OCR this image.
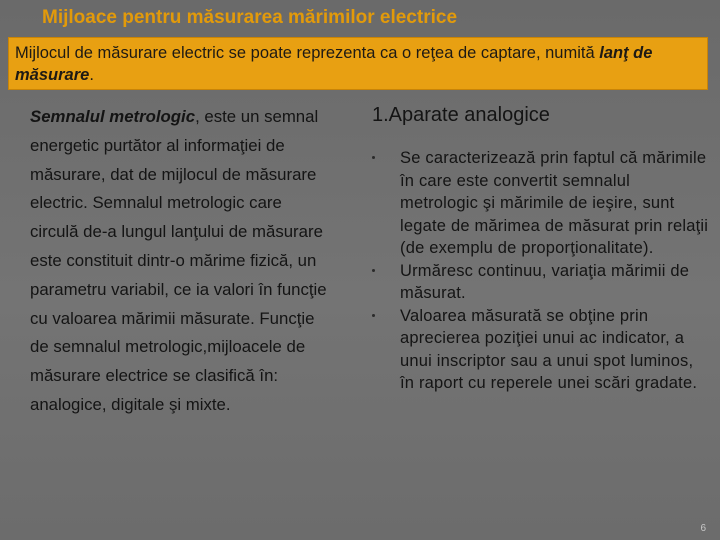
Mijloace pentru măsurarea mărimilor electrice
Mijlocul de măsurare electric se poate reprezenta ca o reţea de captare, numită lanţ de măsurare.
Semnalul metrologic, este un semnal energetic purtător al informaţiei de măsurare, dat de mijlocul de măsurare electric. Semnalul metrologic care circulă de-a lungul lanţului de măsurare este constituit dintr-o mărime fizică, un parametru variabil, ce ia valori în funcţie cu valoarea mărimii măsurate. Funcţie de semnalul metrologic,mijloacele de măsurare electrice se clasifică în: analogice, digitale şi mixte.
1.Aparate analogice
Se caracterizează prin faptul că mărimile în care este convertit semnalul metrologic şi mărimile de ieşire, sunt legate de mărimea de măsurat prin relaţii (de exemplu de proporţionalitate).
Urmăresc continuu, variaţia mărimii de măsurat.
Valoarea măsurată se obţine prin aprecierea poziţiei unui ac indicator, a unui inscriptor sau a unui spot luminos, în raport cu reperele unei scări gradate.
6
